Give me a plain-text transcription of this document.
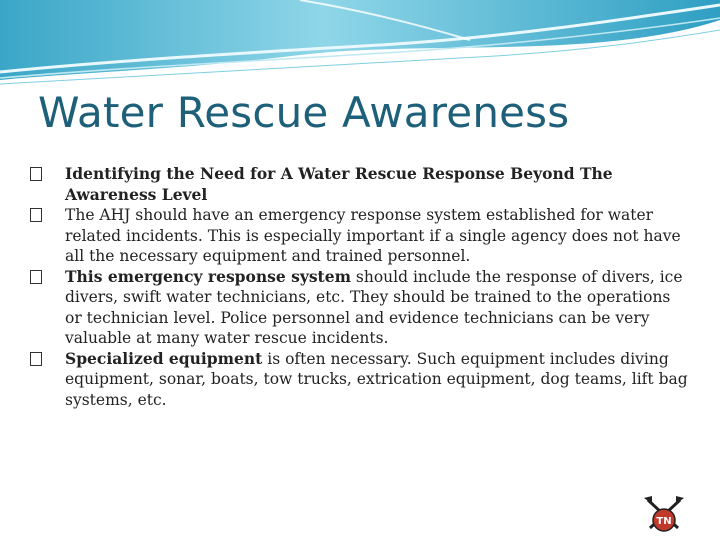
Water Rescue Awareness

Identifying the Need for A Water Rescue Response Beyond The Awareness Level

The AHJ should have an emergency response system established for water related incidents. This is especially important if a single agency does not have all the necessary equipment and trained personnel.

This emergency response system should include the response of divers, ice divers, swift water technicians, etc. They should be trained to the operations or technician level. Police personnel and evidence technicians can be very valuable at many water rescue incidents.

Specialized equipment is often necessary. Such equipment includes diving equipment, sonar, boats, tow trucks, extrication equipment, dog teams, lift bag systems, etc.

TN
